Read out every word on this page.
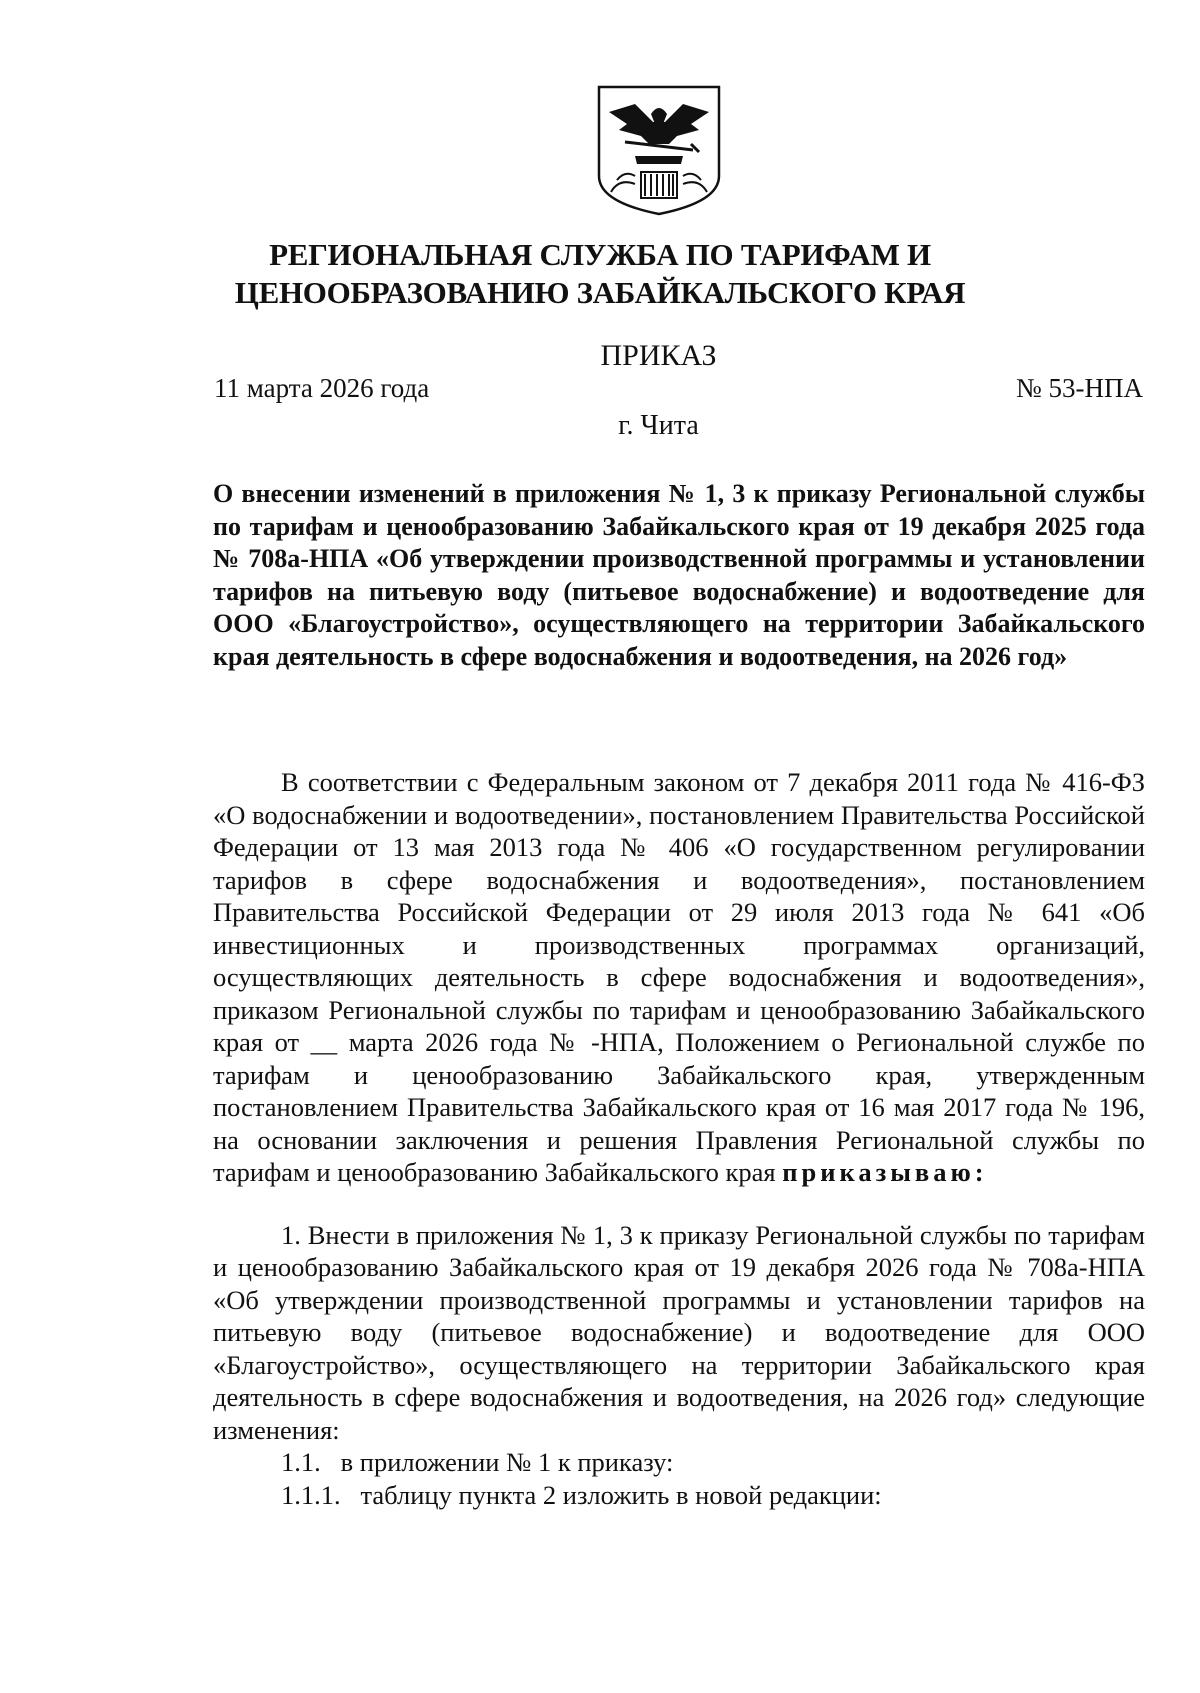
РЕГИОНАЛЬНАЯ СЛУЖБА ПО ТАРИФАМ И
ЦЕНООБРАЗОВАНИЮ ЗАБАЙКАЛЬСКОГО КРАЯ
ПРИКАЗ
11 марта 2026 года	№ 53-НПА
г. Чита
О внесении изменений в приложения № 1, 3 к приказу Региональной службы по тарифам и ценообразованию Забайкальского края от 19 декабря 2025 года № 708а-НПА «Об утверждении производственной программы и установлении тарифов на питьевую воду (питьевое водоснабжение) и водоотведение для ООО «Благоустройство», осуществляющего на территории Забайкальского края деятельность в сфере водоснабжения и водоотведения, на 2026 год»

В соответствии с Федеральным законом от 7 декабря 2011 года № 416-ФЗ «О водоснабжении и водоотведении», постановлением Правительства Российской Федерации от 13 мая 2013 года № 406 «О государственном регулировании тарифов в сфере водоснабжения и водоотведения», постановлением Правительства Российской Федерации от 29 июля 2013 года № 641 «Об инвестиционных и производственных программах организаций, осуществляющих деятельность в сфере водоснабжения и водоотведения», приказом Региональной службы по тарифам и ценообразованию Забайкальского края от __ марта 2026 года № -НПА, Положением о Региональной службе по тарифам и ценообразованию Забайкальского края, утвержденным постановлением Правительства Забайкальского края от 16 мая 2017 года № 196, на основании заключения и решения Правления Региональной службы по тарифам и ценообразованию Забайкальского края приказываю:

1. Внести в приложения № 1, 3 к приказу Региональной службы по тарифам и ценообразованию Забайкальского края от 19 декабря 2026 года № 708а-НПА «Об утверждении производственной программы и установлении тарифов на питьевую воду (питьевое водоснабжение) и водоотведение для ООО «Благоустройство», осуществляющего на территории Забайкальского края деятельность в сфере водоснабжения и водоотведения, на 2026 год» следующие изменения:

1.1.   в приложении № 1 к приказу:

1.1.1.   таблицу пункта 2 изложить в новой редакции:
